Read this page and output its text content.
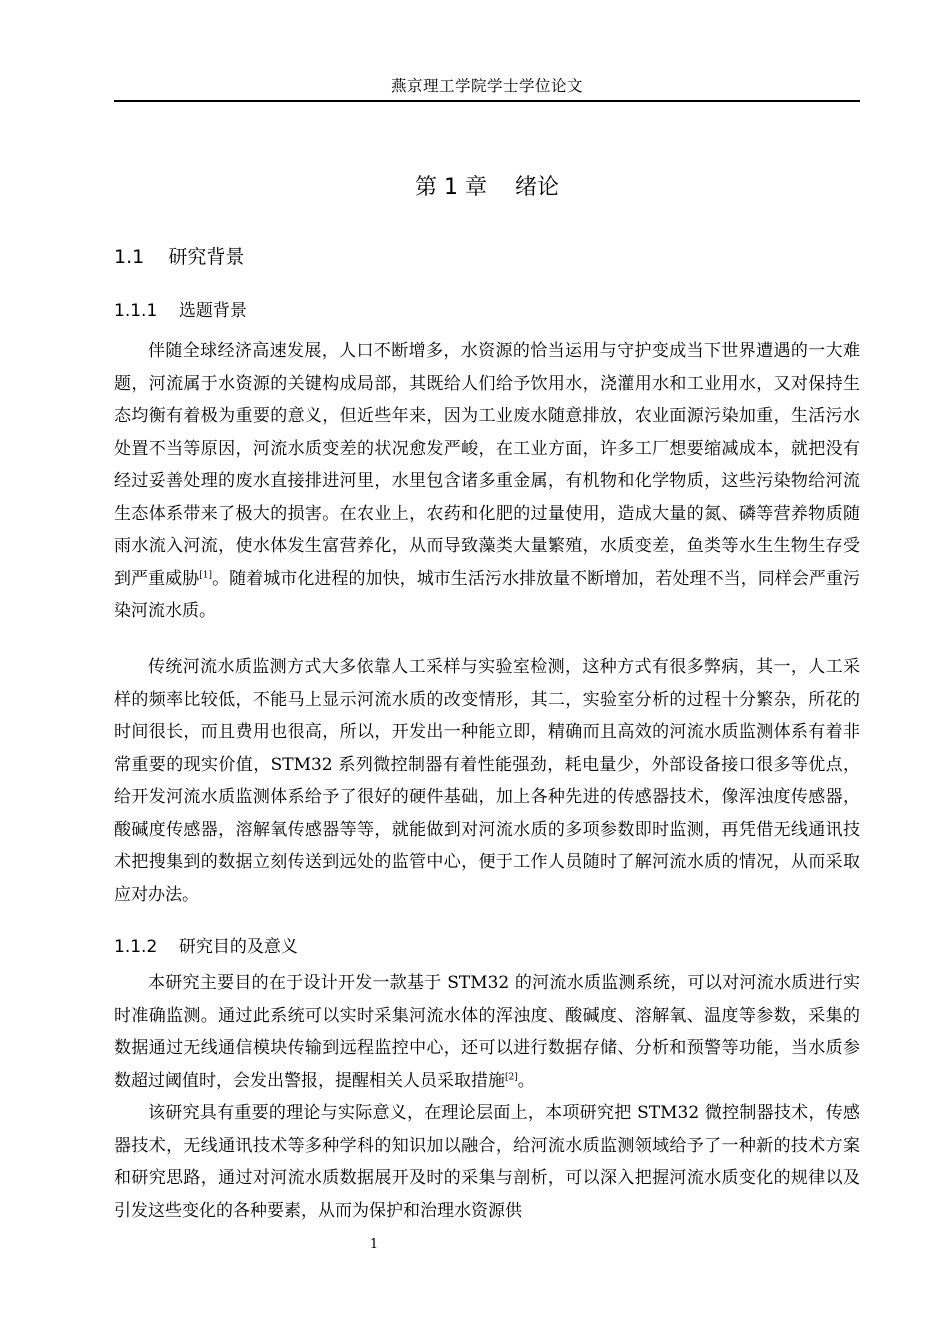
燕京理工学院学士学位论文
第 1 章    绪论
1.1    研究背景
1.1.1    选题背景

伴随全球经济高速发展，人口不断增多，水资源的恰当运用与守护变成当下世界遭遇的一大难题，河流属于水资源的关键构成局部，其既给人们给予饮用水，浇灌用水和工业用水，又对保持生态均衡有着极为重要的意义，但近些年来，因为工业废水随意排放，农业面源污染加重，生活污水处置不当等原因，河流水质变差的状况愈发严峻，在工业方面，许多工厂想要缩减成本，就把没有经过妥善处理的废水直接排进河里，水里包含诸多重金属，有机物和化学物质，这些污染物给河流生态体系带来了极大的损害。在农业上，农药和化肥的过量使用，造成大量的氮、磷等营养物质随雨水流入河流，使水体发生富营养化，从而导致藻类大量繁殖，水质变差，鱼类等水生生物生存受到严重威胁[1]。随着城市化进程的加快，城市生活污水排放量不断增加，若处理不当，同样会严重污染河流水质。

传统河流水质监测方式大多依靠人工采样与实验室检测，这种方式有很多弊病，其一，人工采样的频率比较低，不能马上显示河流水质的改变情形，其二，实验室分析的过程十分繁杂，所花的时间很长，而且费用也很高，所以，开发出一种能立即，精确而且高效的河流水质监测体系有着非常重要的现实价值，STM32 系列微控制器有着性能强劲，耗电量少，外部设备接口很多等优点，给开发河流水质监测体系给予了很好的硬件基础，加上各种先进的传感器技术，像浑浊度传感器，酸碱度传感器，溶解氧传感器等等，就能做到对河流水质的多项参数即时监测，再凭借无线通讯技术把搜集到的数据立刻传送到远处的监管中心，便于工作人员随时了解河流水质的情况，从而采取应对办法。

1.1.2    研究目的及意义

本研究主要目的在于设计开发一款基于 STM32 的河流水质监测系统，可以对河流水质进行实时准确监测。通过此系统可以实时采集河流水体的浑浊度、酸碱度、溶解氧、温度等参数，采集的数据通过无线通信模块传输到远程监控中心，还可以进行数据存储、分析和预警等功能，当水质参数超过阈值时，会发出警报，提醒相关人员采取措施[2]。

该研究具有重要的理论与实际意义，在理论层面上，本项研究把 STM32 微控制器技术，传感器技术，无线通讯技术等多种学科的知识加以融合，给河流水质监测领域给予了一种新的技术方案和研究思路，通过对河流水质数据展开及时的采集与剖析，可以深入把握河流水质变化的规律以及引发这些变化的各种要素，从而为保护和治理水资源供

1
